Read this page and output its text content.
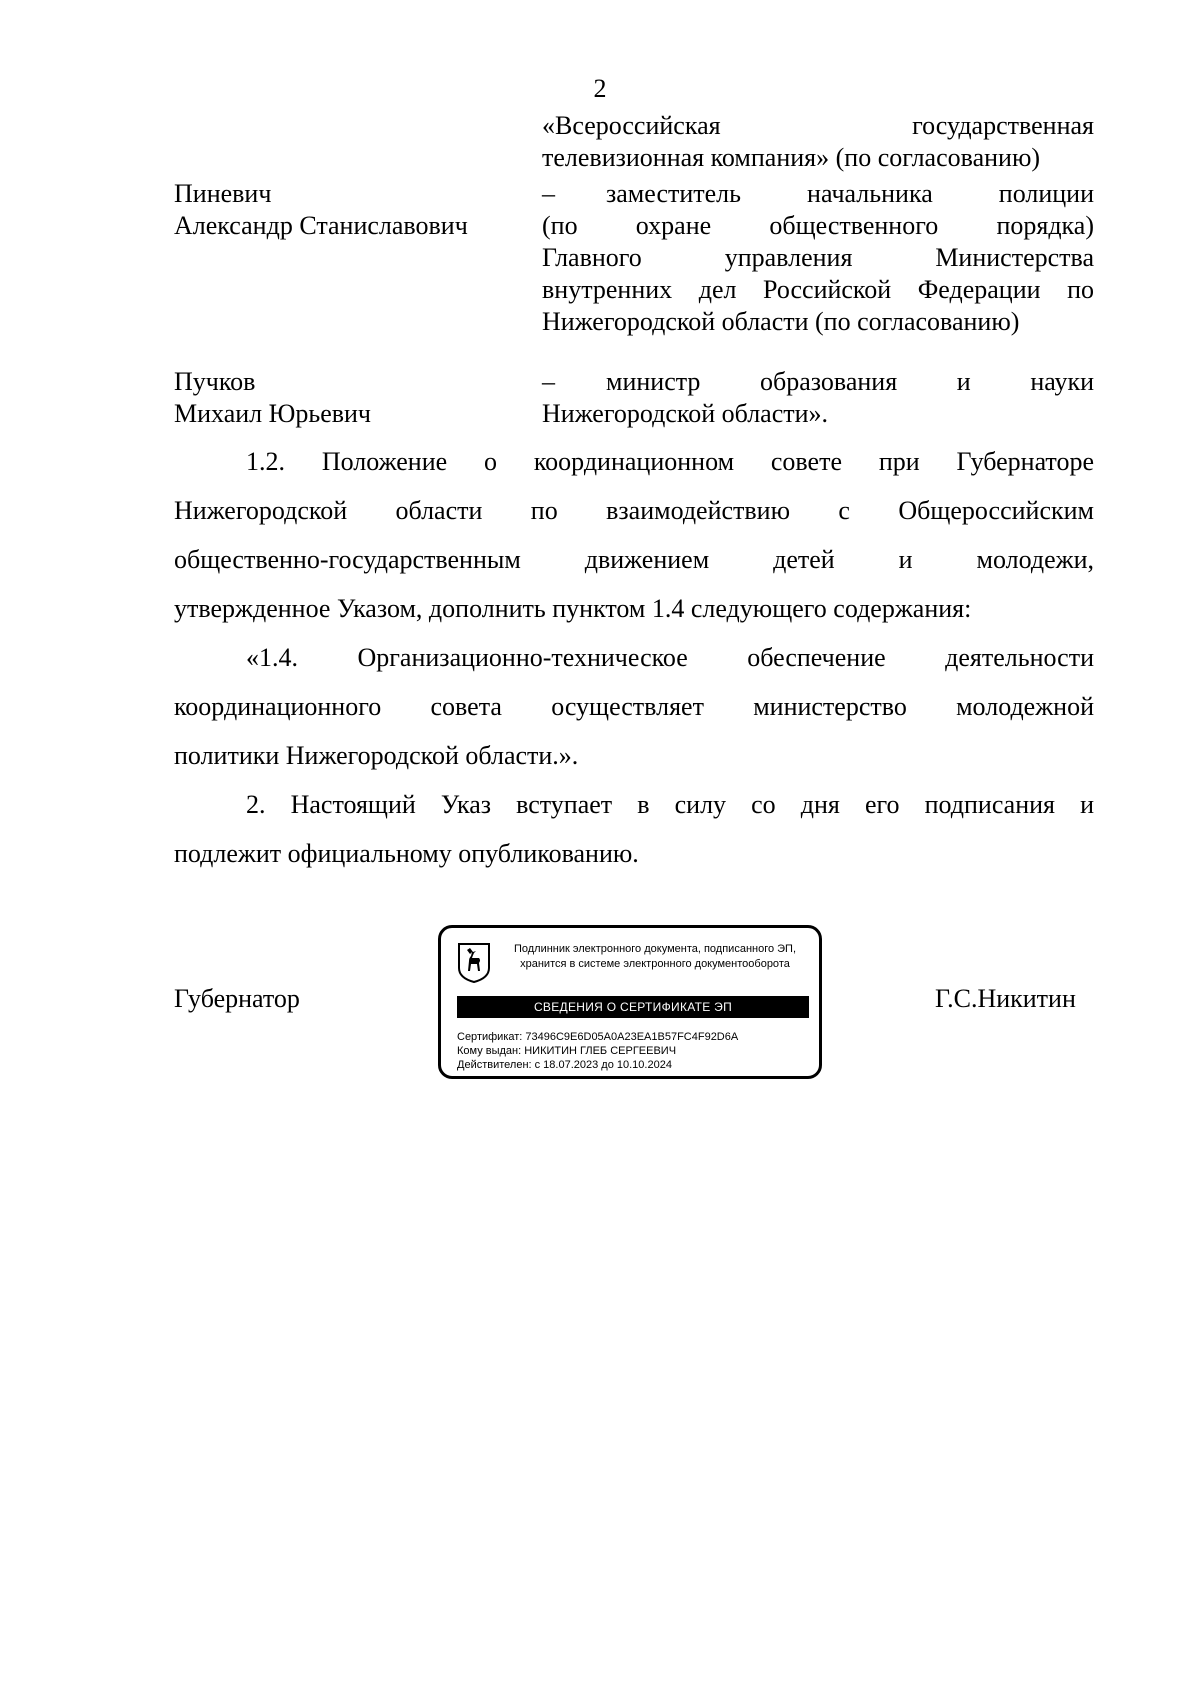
2
«Всероссийская	государственная
телевизионная компания» (по согласованию)
Пиневич
Александр Станиславович
– заместитель начальника полиции
(по охране общественного порядка)
Главного управления Министерства
внутренних дел Российской Федерации по
Нижегородской области (по согласованию)
Пучков
Михаил Юрьевич
– министр образования и науки
Нижегородской области».
1.2. Положение о координационном совете при Губернаторе
Нижегородской области по взаимодействию с Общероссийским
общественно-государственным движением детей и молодежи,
утвержденное Указом, дополнить пунктом 1.4 следующего содержания:
«1.4. Организационно-техническое обеспечение деятельности
координационного совета осуществляет министерство молодежной
политики Нижегородской области.».
2. Настоящий Указ вступает в силу со дня его подписания и
подлежит официальному опубликованию.
Губернатор
Подлинник электронного документа, подписанного ЭП,
хранится в системе электронного документооборота
СВЕДЕНИЯ О СЕРТИФИКАТЕ ЭП
Сертификат: 73496C9E6D05A0A23EA1B57FC4F92D6A
Кому выдан: НИКИТИН ГЛЕБ СЕРГЕЕВИЧ
Действителен: с 18.07.2023 до 10.10.2024
Г.С.Никитин
